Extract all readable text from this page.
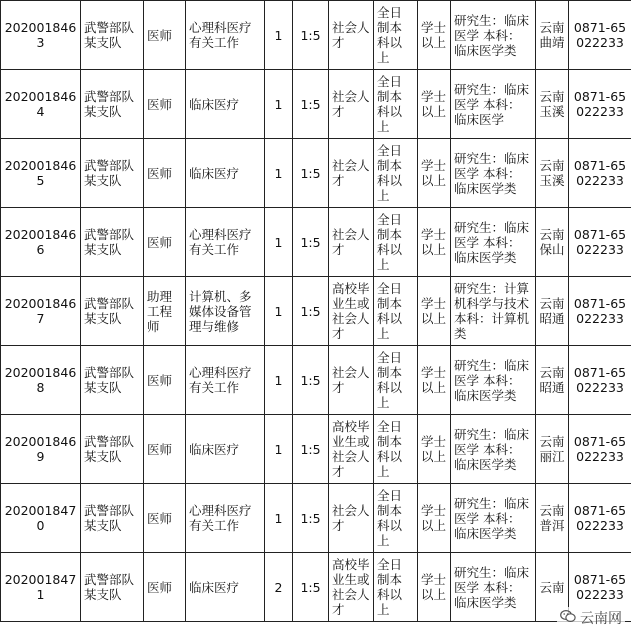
2020018463	武警部队某支队	医师	心理科医疗有关工作	1	1:5	社会人才	全日制本科以上	学士以上	研究生：临床医学 本科：临床医学类	云南曲靖	0871-65022233
2020018464	武警部队某支队	医师	临床医疗	1	1:5	社会人才	全日制本科以上	学士以上	研究生：临床医学 本科：临床医学	云南玉溪	0871-65022233
2020018465	武警部队某支队	医师	临床医疗	1	1:5	社会人才	全日制本科以上	学士以上	研究生：临床医学 本科：临床医学类	云南玉溪	0871-65022233
2020018466	武警部队某支队	医师	心理科医疗有关工作	1	1:5	社会人才	全日制本科以上	学士以上	研究生：临床医学 本科：临床医学类	云南保山	0871-65022233
2020018467	武警部队某支队	助理工程师	计算机、多媒体设备管理与维修	1	1:5	高校毕业生或社会人才	全日制本科以上	学士以上	研究生：计算机科学与技术 本科：计算机类	云南昭通	0871-65022233
2020018468	武警部队某支队	医师	心理科医疗有关工作	1	1:5	社会人才	全日制本科以上	学士以上	研究生：临床医学 本科：临床医学类	云南昭通	0871-65022233
2020018469	武警部队某支队	医师	临床医疗	1	1:5	高校毕业生或社会人才	全日制本科以上	学士以上	研究生：临床医学 本科：临床医学类	云南丽江	0871-65022233
2020018470	武警部队某支队	医师	心理科医疗有关工作	1	1:5	社会人才	全日制本科以上	学士以上	研究生：临床医学 本科：临床医学类	云南普洱	0871-65022233
2020018471	武警部队某支队	医师	临床医疗	2	1:5	高校毕业生或社会人才	全日制本科以上	学士以上	研究生：临床医学 本科：临床医学类	云南	0871-65022233
云南网
